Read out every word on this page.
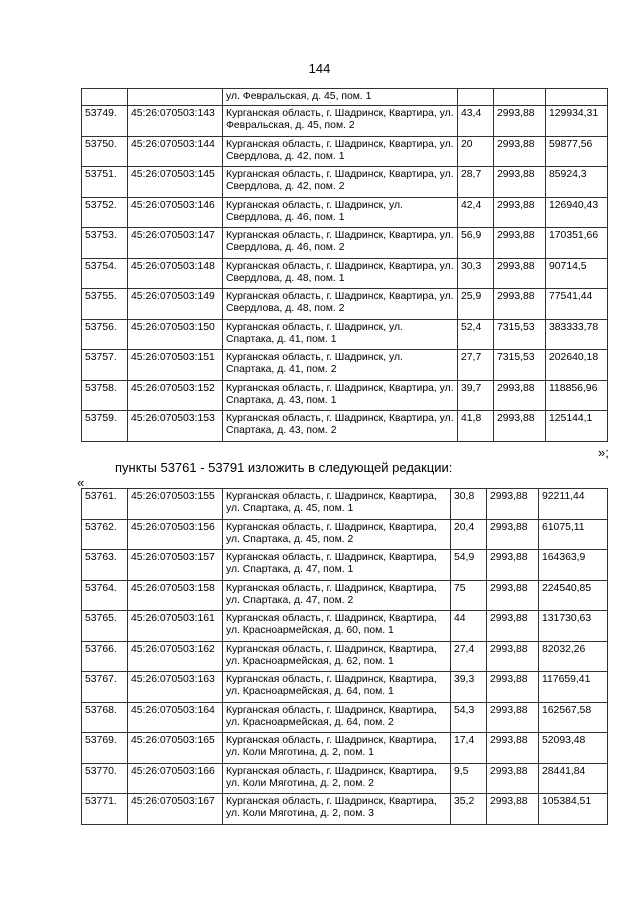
144
		ул. Февральская, д. 45, пом. 1			
53749.	45:26:070503:143	Курганская область, г. Шадринск, Квартира, ул. Февральская, д. 45, пом. 2	43,4	2993,88	129934,31
53750.	45:26:070503:144	Курганская область, г. Шадринск, Квартира, ул. Свердлова, д. 42, пом. 1	20	2993,88	59877,56
53751.	45:26:070503:145	Курганская область, г. Шадринск, Квартира, ул. Свердлова, д. 42, пом. 2	28,7	2993,88	85924,3
53752.	45:26:070503:146	Курганская область, г. Шадринск, ул. Свердлова, д. 46, пом. 1	42,4	2993,88	126940,43
53753.	45:26:070503:147	Курганская область, г. Шадринск, Квартира, ул. Свердлова, д. 46, пом. 2	56,9	2993,88	170351,66
53754.	45:26:070503:148	Курганская область, г. Шадринск, Квартира, ул. Свердлова, д. 48, пом. 1	30,3	2993,88	90714,5
53755.	45:26:070503:149	Курганская область, г. Шадринск, Квартира, ул. Свердлова, д. 48, пом. 2	25,9	2993,88	77541,44
53756.	45:26:070503:150	Курганская область, г. Шадринск, ул. Спартака, д. 41, пом. 1	52,4	7315,53	383333,78
53757.	45:26:070503:151	Курганская область, г. Шадринск, ул. Спартака, д. 41, пом. 2	27,7	7315,53	202640,18
53758.	45:26:070503:152	Курганская область, г. Шадринск, Квартира, ул. Спартака, д. 43, пом. 1	39,7	2993,88	118856,96
53759.	45:26:070503:153	Курганская область, г. Шадринск, Квартира, ул. Спартака, д. 43, пом. 2	41,8	2993,88	125144,1
»;
пункты 53761 - 53791 изложить в следующей редакции:
«
53761.	45:26:070503:155	Курганская область, г. Шадринск, Квартира, ул. Спартака, д. 45, пом. 1	30,8	2993,88	92211,44
53762.	45:26:070503:156	Курганская область, г. Шадринск, Квартира, ул. Спартака, д. 45, пом. 2	20,4	2993,88	61075,11
53763.	45:26:070503:157	Курганская область, г. Шадринск, Квартира, ул. Спартака, д. 47, пом. 1	54,9	2993,88	164363,9
53764.	45:26:070503:158	Курганская область, г. Шадринск, Квартира, ул. Спартака, д. 47, пом. 2	75	2993,88	224540,85
53765.	45:26:070503:161	Курганская область, г. Шадринск, Квартира, ул. Красноармейская, д. 60, пом. 1	44	2993,88	131730,63
53766.	45:26:070503:162	Курганская область, г. Шадринск, Квартира, ул. Красноармейская, д. 62, пом. 1	27,4	2993,88	82032,26
53767.	45:26:070503:163	Курганская область, г. Шадринск, Квартира, ул. Красноармейская, д. 64, пом. 1	39,3	2993,88	117659,41
53768.	45:26:070503:164	Курганская область, г. Шадринск, Квартира, ул. Красноармейская, д. 64, пом. 2	54,3	2993,88	162567,58
53769.	45:26:070503:165	Курганская область, г. Шадринск, Квартира, ул. Коли Мяготина, д. 2, пом. 1	17,4	2993,88	52093,48
53770.	45:26:070503:166	Курганская область, г. Шадринск, Квартира, ул. Коли Мяготина, д. 2, пом. 2	9,5	2993,88	28441,84
53771.	45:26:070503:167	Курганская область, г. Шадринск, Квартира, ул. Коли Мяготина, д. 2, пом. 3	35,2	2993,88	105384,51
